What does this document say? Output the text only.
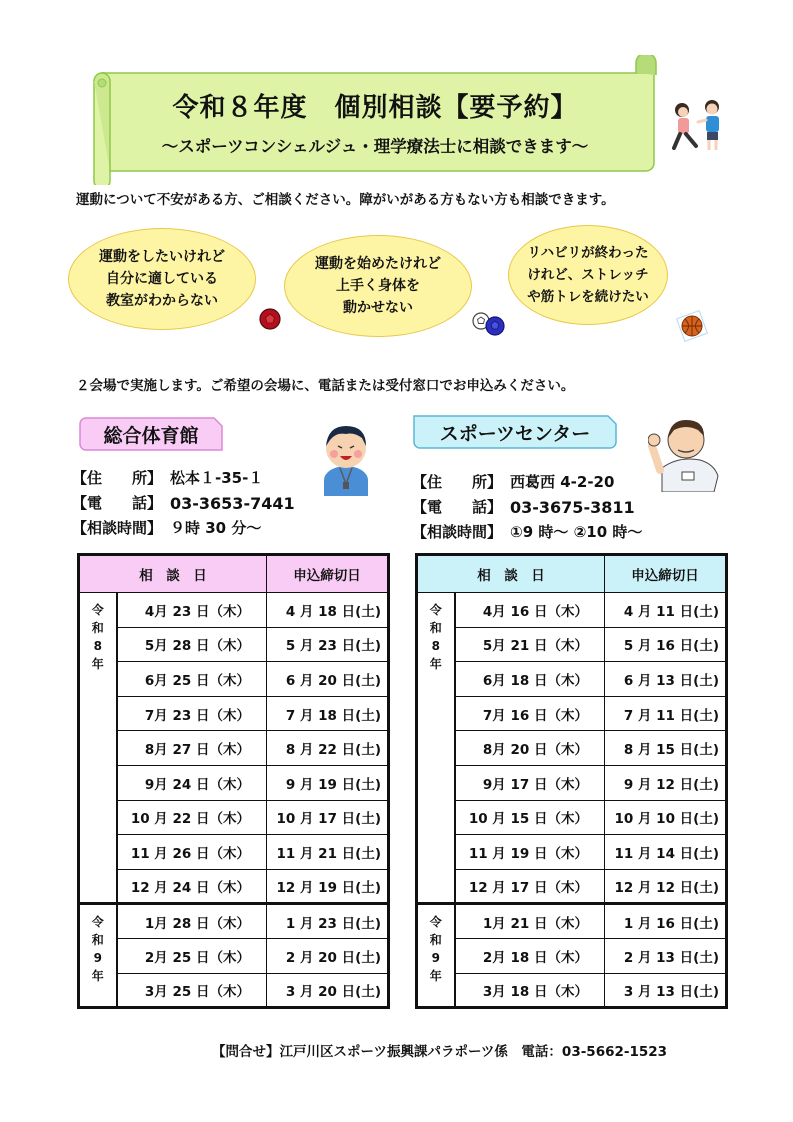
令和８年度　個別相談【要予約】
～スポーツコンシェルジュ・理学療法士に相談できます～
運動について不安がある方、ご相談ください。障がいがある方もない方も相談できます。
運動をしたいけれど
自分に適している
教室がわからない
運動を始めたけれど
上手く身体を
動かせない
リハビリが終わった
けれど、ストレッチ
や筋トレを続けたい
２会場で実施します。ご希望の会場に、電話または受付窓口でお申込みください。
総合体育館	スポーツセンター
【住　　所】 松本１-35-１
【電　　話】 03-3653-7441
【相談時間】 ９時 30 分～
【住　　所】 西葛西 4-2-20
【電　　話】 03-3675-3811
【相談時間】 ①9 時～ ②10 時～
相　談　日		申込締切日

令
和
8
年	4月 23 日（木）	4 月 18 日(土)
	5月 28 日（木）	5 月 23 日(土)
	6月 25 日（木）	6 月 20 日(土)
	7月 23 日（木）	7 月 18 日(土)
	8月 27 日（木）	8 月 22 日(土)
	9月 24 日（木）	9 月 19 日(土)
	10 月 22 日（木）	10 月 17 日(土)
	11 月 26 日（木）	11 月 21 日(土)
	12 月 24 日（木）	12 月 19 日(土)

令
和
9
年	1月 28 日（木）	1 月 23 日(土)
	2月 25 日（木）	2 月 20 日(土)
	3月 25 日（木）	3 月 20 日(土)
相　談　日		申込締切日

令
和
8
年	4月 16 日（木）	4 月 11 日(土)
	5月 21 日（木）	5 月 16 日(土)
	6月 18 日（木）	6 月 13 日(土)
	7月 16 日（木）	7 月 11 日(土)
	8月 20 日（木）	8 月 15 日(土)
	9月 17 日（木）	9 月 12 日(土)
	10 月 15 日（木）	10 月 10 日(土)
	11 月 19 日（木）	11 月 14 日(土)
	12 月 17 日（木）	12 月 12 日(土)

令
和
9
年	1月 21 日（木）	1 月 16 日(土)
	2月 18 日（木）	2 月 13 日(土)
	3月 18 日（木）	3 月 13 日(土)
【問合せ】江戸川区スポーツ振興課パラポーツ係　電話：03-5662-1523
